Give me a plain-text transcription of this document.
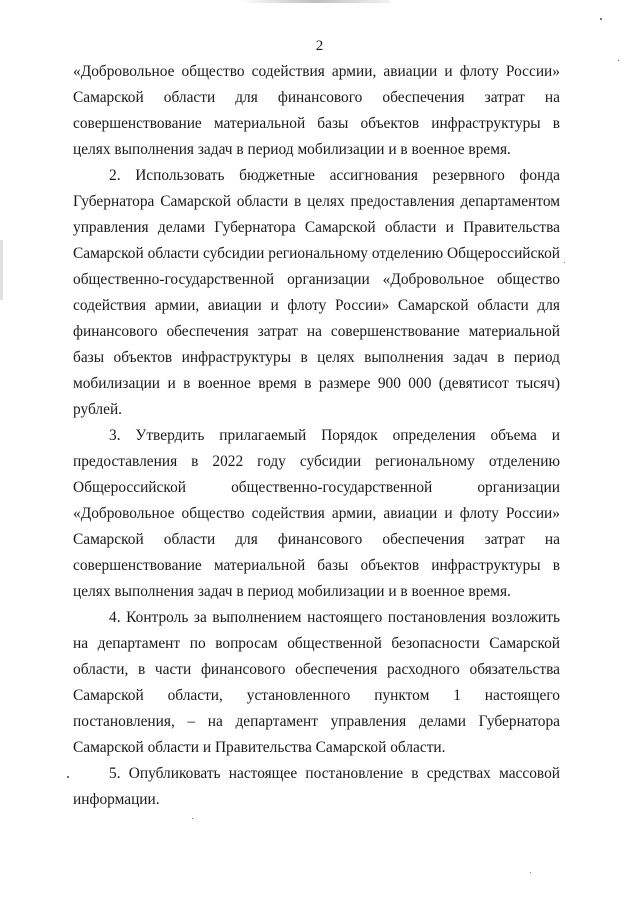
2

«Добровольное общество содействия армии, авиации и флоту России» Самарской области для финансового обеспечения затрат на совершенствование материальной базы объектов инфраструктуры в целях выполнения задач в период мобилизации и в военное время.

2. Использовать бюджетные ассигнования резервного фонда Губернатора Самарской области в целях предоставления департаментом управления делами Губернатора Самарской области и Правительства Самарской области субсидии региональному отделению Общероссийской общественно-государственной организации «Добровольное общество содействия армии, авиации и флоту России» Самарской области для финансового обеспечения затрат на совершенствование материальной базы объектов инфраструктуры в целях выполнения задач в период мобилизации и в военное время в размере 900 000 (девятисот тысяч) рублей.

3. Утвердить прилагаемый Порядок определения объема и предоставления в 2022 году субсидии региональному отделению Общероссийской общественно-государственной организации «Добровольное общество содействия армии, авиации и флоту России» Самарской области для финансового обеспечения затрат на совершенствование материальной базы объектов инфраструктуры в целях выполнения задач в период мобилизации и в военное время.

4. Контроль за выполнением настоящего постановления возложить на департамент по вопросам общественной безопасности Самарской области, в части финансового обеспечения расходного обязательства Самарской области, установленного пунктом 1 настоящего постановления, – на департамент управления делами Губернатора Самарской области и Правительства Самарской области.

5. Опубликовать настоящее постановление в средствах массовой информации.
